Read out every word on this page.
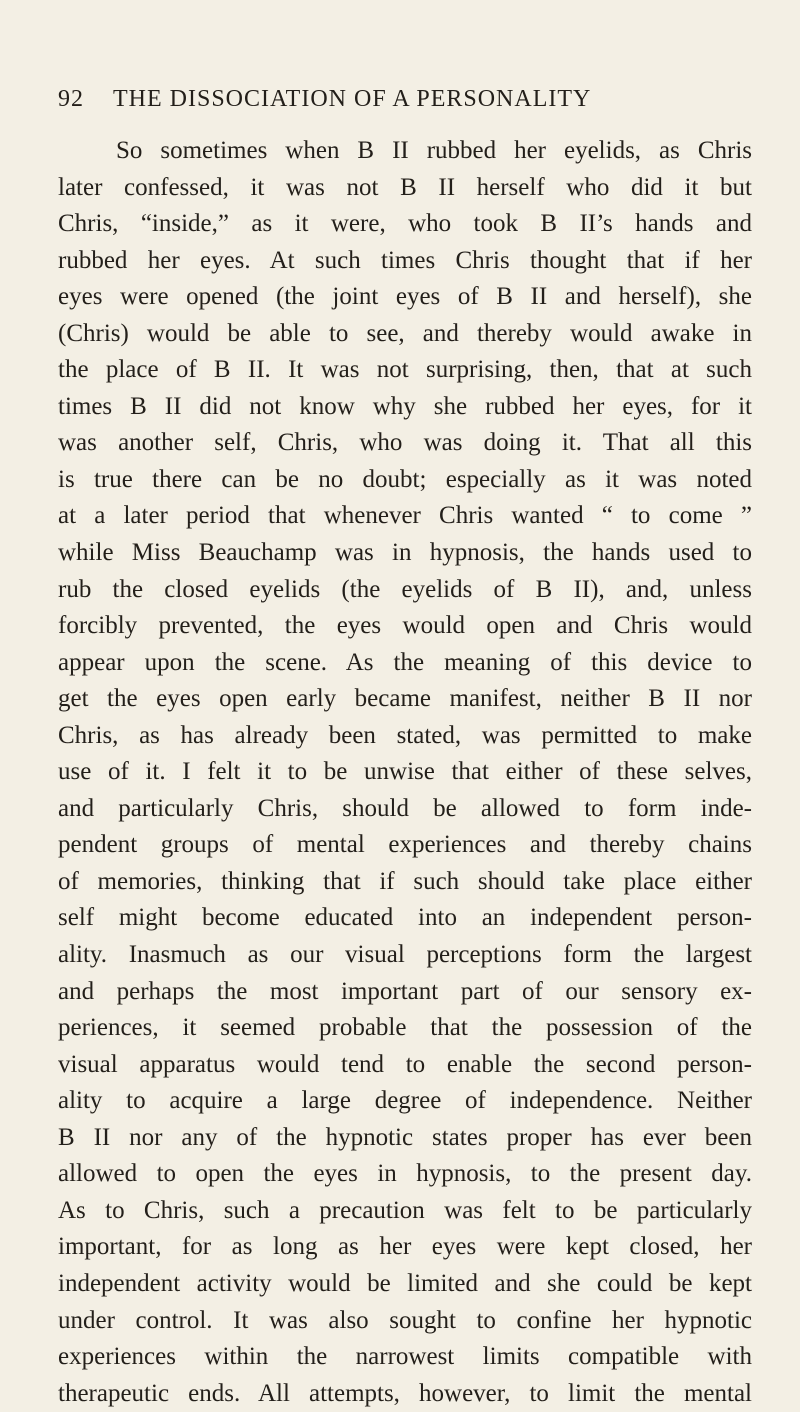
92 THE DISSOCIATION OF A PERSONALITY
So sometimes when B II rubbed her eyelids, as Chris
later confessed, it was not B II herself who did it but
Chris, “inside,” as it were, who took B II’s hands and
rubbed her eyes. At such times Chris thought that if her
eyes were opened (the joint eyes of B II and herself), she
(Chris) would be able to see, and thereby would awake in
the place of B II. It was not surprising, then, that at such
times B II did not know why she rubbed her eyes, for it
was another self, Chris, who was doing it. That all this
is true there can be no doubt; especially as it was noted
at a later period that whenever Chris wanted “ to come ”
while Miss Beauchamp was in hypnosis, the hands used to
rub the closed eyelids (the eyelids of B II), and, unless
forcibly prevented, the eyes would open and Chris would
appear upon the scene. As the meaning of this device to
get the eyes open early became manifest, neither B II nor
Chris, as has already been stated, was permitted to make
use of it. I felt it to be unwise that either of these selves,
and particularly Chris, should be allowed to form inde-
pendent groups of mental experiences and thereby chains
of memories, thinking that if such should take place either
self might become educated into an independent person-
ality. Inasmuch as our visual perceptions form the largest
and perhaps the most important part of our sensory ex-
periences, it seemed probable that the possession of the
visual apparatus would tend to enable the second person-
ality to acquire a large degree of independence. Neither
B II nor any of the hypnotic states proper has ever been
allowed to open the eyes in hypnosis, to the present day.
As to Chris, such a precaution was felt to be particularly
important, for as long as her eyes were kept closed, her
independent activity would be limited and she could be kept
under control. It was also sought to confine her hypnotic
experiences within the narrowest limits compatible with
therapeutic ends. All attempts, however, to limit the mental
